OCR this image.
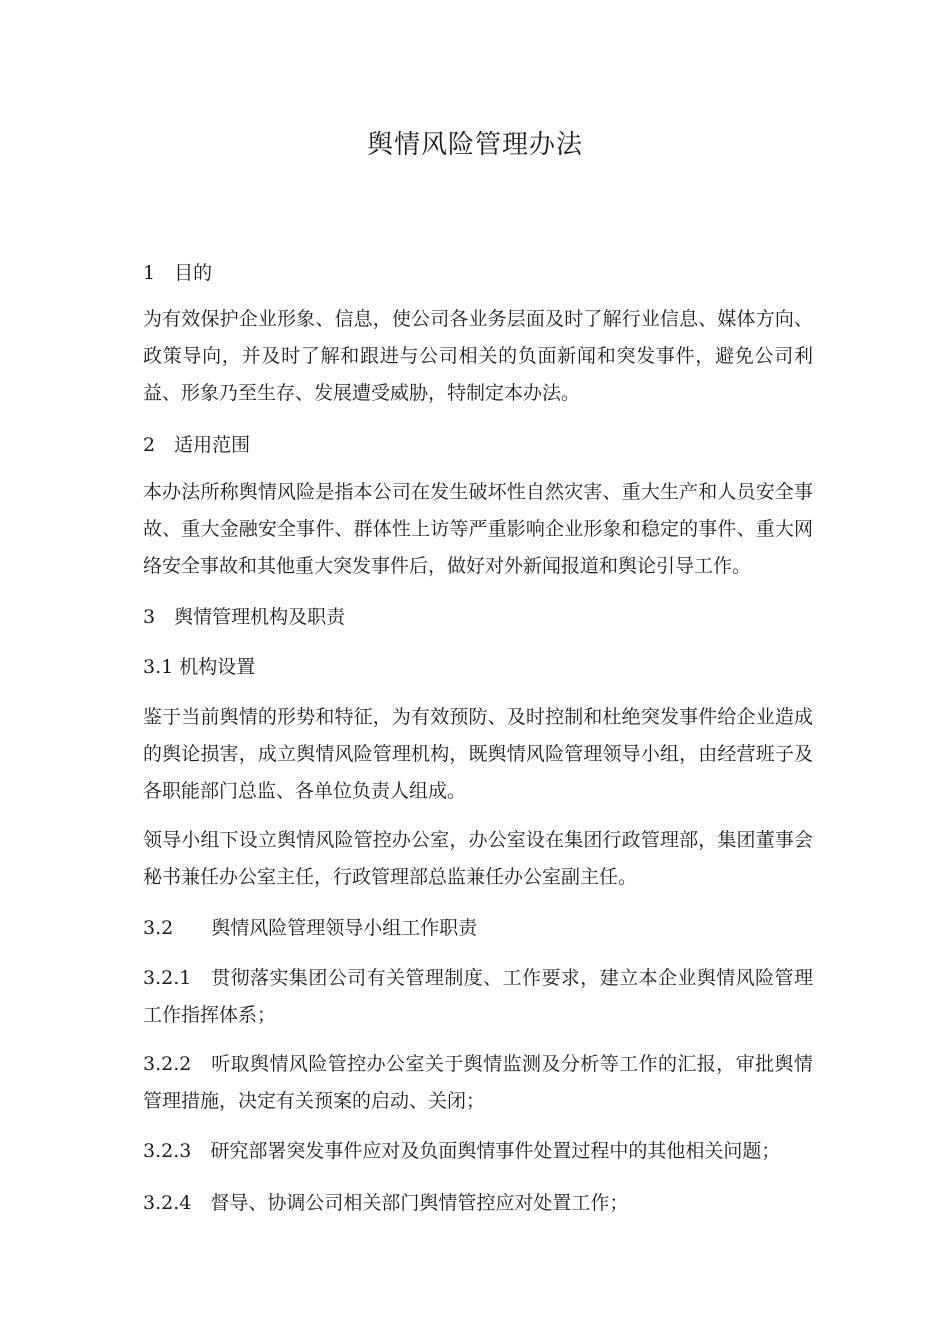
舆情风险管理办法

1　目的

为有效保护企业形象、信息，使公司各业务层面及时了解行业信息、媒体方向、政策导向，并及时了解和跟进与公司相关的负面新闻和突发事件，避免公司利益、形象乃至生存、发展遭受威胁，特制定本办法。

2　适用范围

本办法所称舆情风险是指本公司在发生破坏性自然灾害、重大生产和人员安全事故、重大金融安全事件、群体性上访等严重影响企业形象和稳定的事件、重大网络安全事故和其他重大突发事件后，做好对外新闻报道和舆论引导工作。

3　舆情管理机构及职责

3.1 机构设置

鉴于当前舆情的形势和特征，为有效预防、及时控制和杜绝突发事件给企业造成的舆论损害，成立舆情风险管理机构，既舆情风险管理领导小组，由经营班子及各职能部门总监、各单位负责人组成。

领导小组下设立舆情风险管控办公室，办公室设在集团行政管理部，集团董事会秘书兼任办公室主任，行政管理部总监兼任办公室副主任。

3.2　　舆情风险管理领导小组工作职责

3.2.1　贯彻落实集团公司有关管理制度、工作要求，建立本企业舆情风险管理工作指挥体系；

3.2.2　听取舆情风险管控办公室关于舆情监测及分析等工作的汇报，审批舆情管理措施，决定有关预案的启动、关闭；

3.2.3　研究部署突发事件应对及负面舆情事件处置过程中的其他相关问题；

3.2.4　督导、协调公司相关部门舆情管控应对处置工作；
